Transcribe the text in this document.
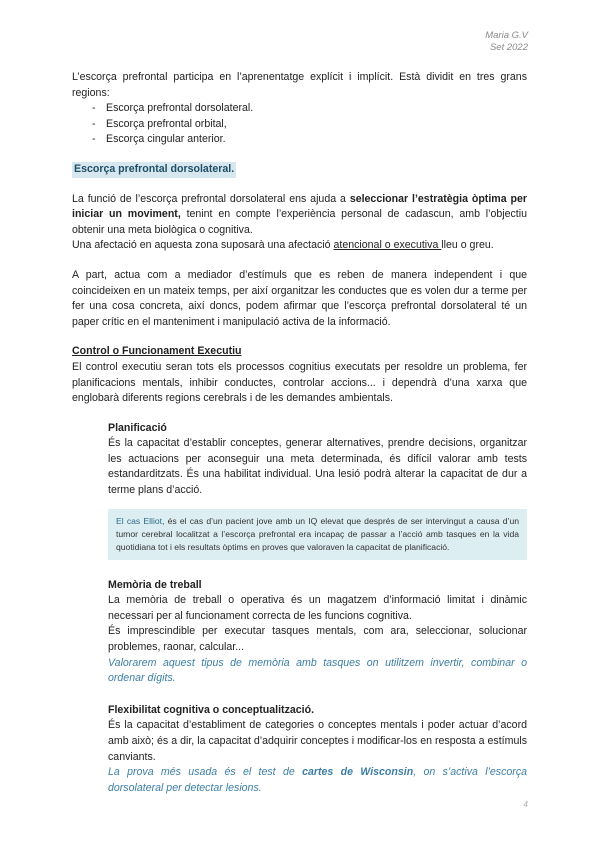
Maria G.V
Set 2022

L’escorça prefrontal participa en l’aprenentatge explícit i implícit. Està dividit en tres grans regions:

- Escorça prefrontal dorsolateral.
- Escorça prefrontal orbital,
- Escorça cingular anterior.
Escorça prefrontal dorsolateral.

La funció de l’escorça prefrontal dorsolateral ens ajuda a seleccionar l’estratègia òptima per iniciar un moviment, tenint en compte l’experiència personal de cadascun, amb l’objectiu obtenir una meta biològica o cognitiva.

Una afectació en aquesta zona suposarà una afectació atencional o executiva lleu o greu.

A part, actua com a mediador d’estímuls que es reben de manera independent i que coincideixen en un mateix temps, per així organitzar les conductes que es volen dur a terme per fer una cosa concreta, així doncs, podem afirmar que l’escorça prefrontal dorsolateral té un paper crític en el manteniment i manipulació activa de la informació.

Control o Funcionament Executiu

El control executiu seran tots els processos cognitius executats per resoldre un problema, fer planificacions mentals, inhibir conductes, controlar accions... i dependrà d’una xarxa que englobarà diferents regions cerebrals i de les demandes ambientals.

Planificació

És la capacitat d’establir conceptes, generar alternatives, prendre decisions, organitzar les actuacions per aconseguir una meta determinada, és difícil valorar amb tests estandarditzats. És una habilitat individual. Una lesió podrà alterar la capacitat de dur a terme plans d’acció.

El cas Elliot, és el cas d’un pacient jove amb un IQ elevat que després de ser intervingut a causa d’un tumor cerebral localitzat a l’escorça prefrontal era incapaç de passar a l’acció amb tasques en la vida quotidiana tot i els resultats òptims en proves que valoraven la capacitat de planificació.
Memòria de treball

La memòria de treball o operativa és un magatzem d’informació limitat i dinàmic necessari per al funcionament correcta de les funcions cognitiva.

És imprescindible per executar tasques mentals, com ara, seleccionar, solucionar problemes, raonar, calcular...

Valorarem aquest tipus de memòria amb tasques on utilitzem invertir, combinar o ordenar dígits.

Flexibilitat cognitiva o conceptualització.

És la capacitat d’establiment de categories o conceptes mentals i poder actuar d’acord amb això; és a dir, la capacitat d’adquirir conceptes i modificar-los en resposta a estímuls canviants.

La prova més usada és el test de cartes de Wisconsin, on s’activa l’escorça dorsolateral per detectar lesions.

4
